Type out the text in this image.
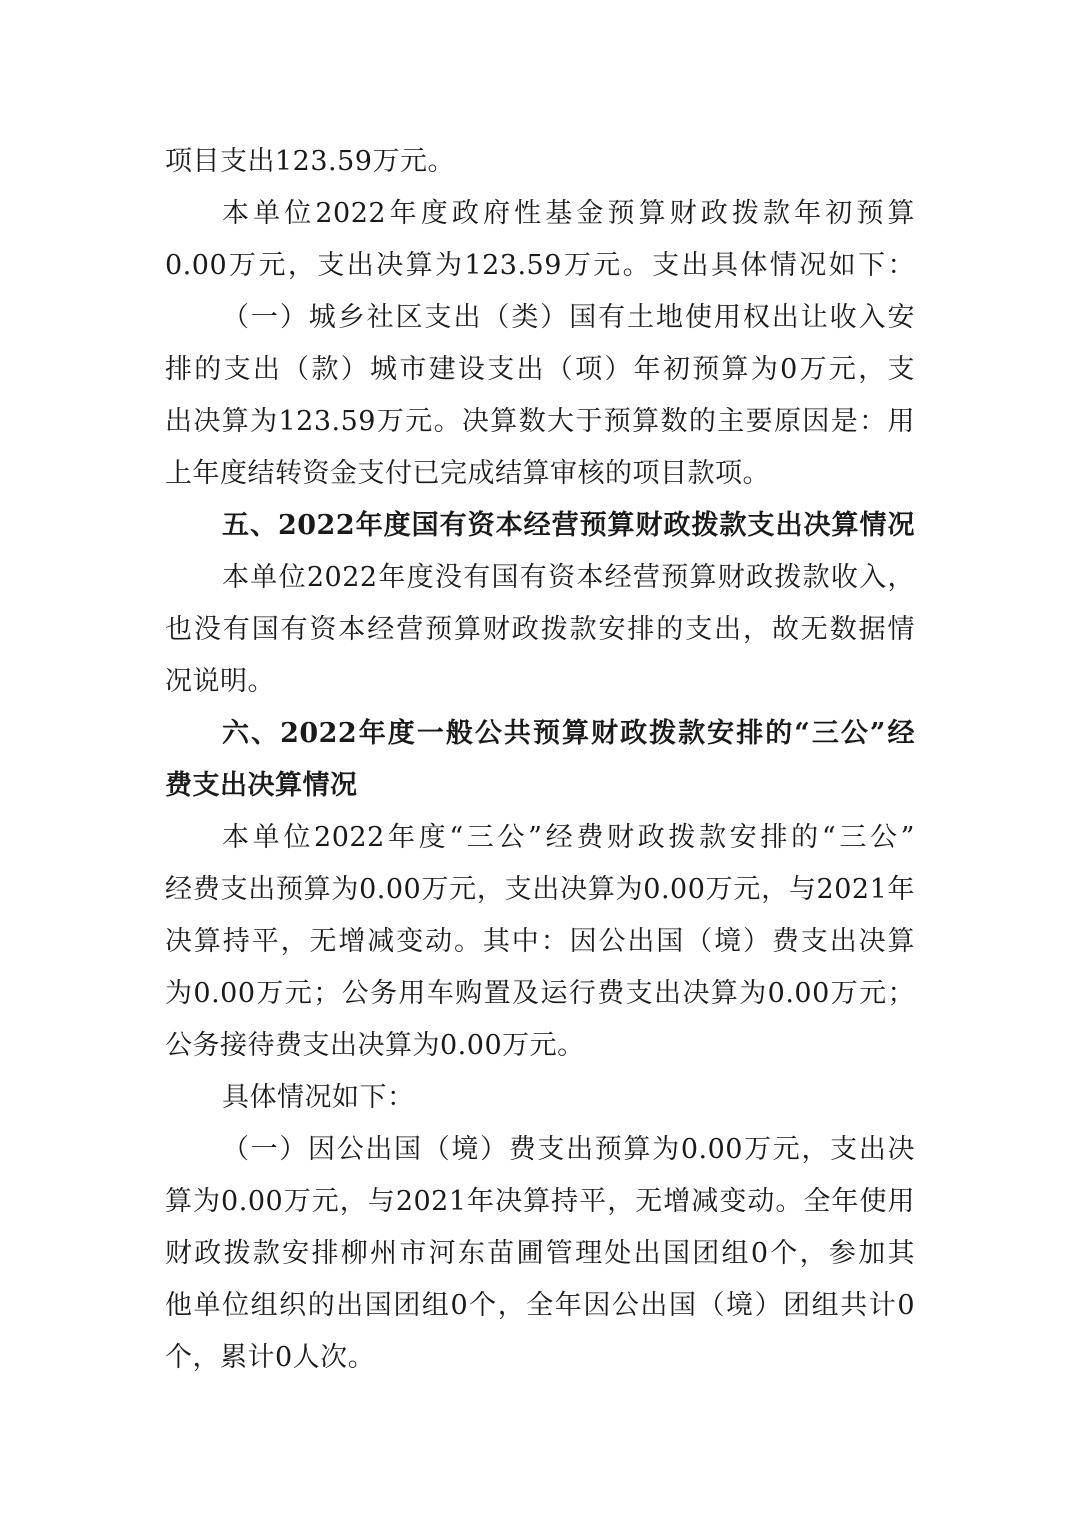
项目支出123.59万元。
本单位2022年度政府性基金预算财政拨款年初预算
0.00万元，支出决算为123.59万元。支出具体情况如下：
（一）城乡社区支出（类）国有土地使用权出让收入安
排的支出（款）城市建设支出（项）年初预算为0万元，支
出决算为123.59万元。决算数大于预算数的主要原因是：用
上年度结转资金支付已完成结算审核的项目款项。
五、2022年度国有资本经营预算财政拨款支出决算情况
本单位2022年度没有国有资本经营预算财政拨款收入，
也没有国有资本经营预算财政拨款安排的支出，故无数据情
况说明。
六、2022年度一般公共预算财政拨款安排的“三公”经
费支出决算情况
本单位2022年度“三公”经费财政拨款安排的“三公”
经费支出预算为0.00万元，支出决算为0.00万元，与2021年
决算持平，无增减变动。其中：因公出国（境）费支出决算
为0.00万元；公务用车购置及运行费支出决算为0.00万元；
公务接待费支出决算为0.00万元。
具体情况如下：
（一）因公出国（境）费支出预算为0.00万元，支出决
算为0.00万元，与2021年决算持平，无增减变动。全年使用
财政拨款安排柳州市河东苗圃管理处出国团组0个，参加其
他单位组织的出国团组0个，全年因公出国（境）团组共计0
个，累计0人次。
